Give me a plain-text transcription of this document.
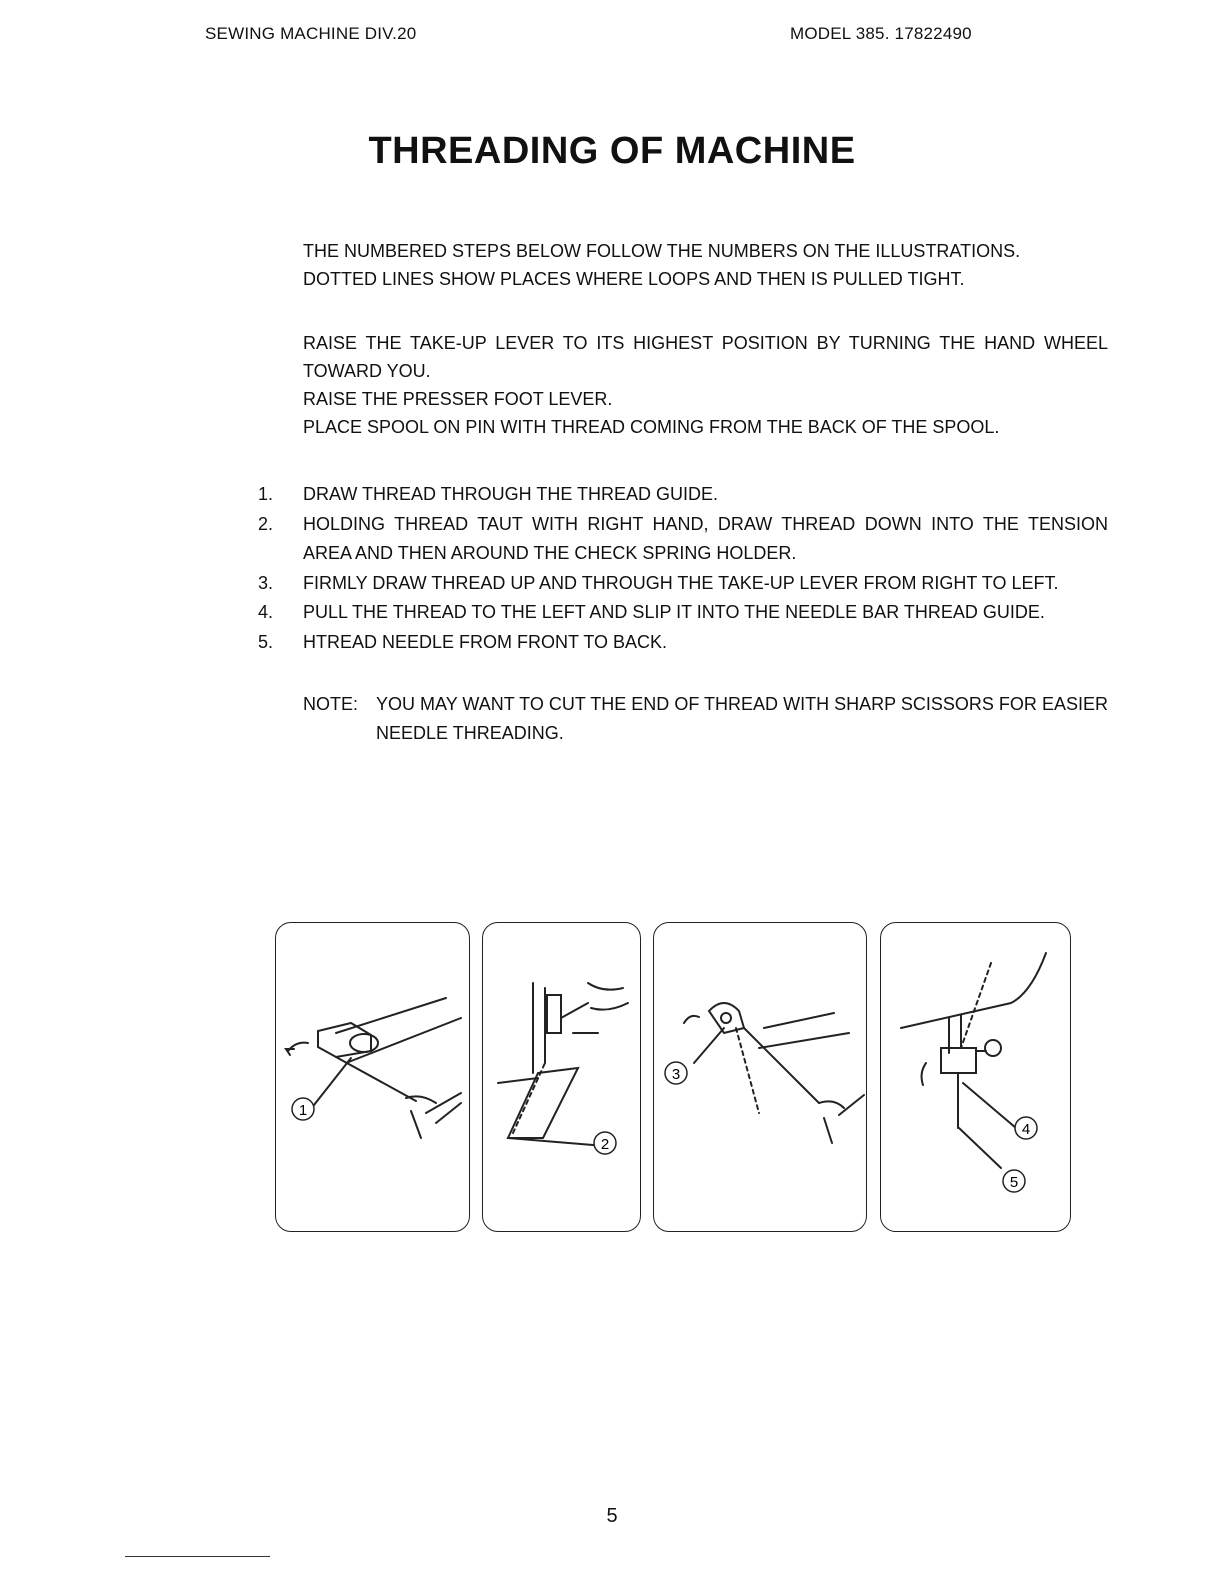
SEWING MACHINE DIV.20	MODEL 385. 17822490
THREADING OF MACHINE
THE NUMBERED STEPS BELOW FOLLOW THE NUMBERS ON THE ILLUSTRATIONS.
DOTTED LINES SHOW PLACES WHERE LOOPS AND THEN IS PULLED TIGHT.
RAISE THE TAKE-UP LEVER TO ITS HIGHEST POSITION BY TURNING THE HAND WHEEL TOWARD YOU.
RAISE THE PRESSER FOOT LEVER.
PLACE SPOOL ON PIN WITH THREAD COMING FROM THE BACK OF THE SPOOL.
1.	DRAW THREAD THROUGH THE THREAD GUIDE.
2.	HOLDING THREAD TAUT WITH RIGHT HAND, DRAW THREAD DOWN INTO THE TENSION AREA AND THEN AROUND THE CHECK SPRING HOLDER.
3.	FIRMLY DRAW THREAD UP AND THROUGH THE TAKE-UP LEVER FROM RIGHT TO LEFT.
4.	PULL THE THREAD TO THE LEFT AND SLIP IT INTO THE NEEDLE BAR THREAD GUIDE.
5.	HTREAD NEEDLE FROM FRONT TO BACK.
NOTE: YOU MAY WANT TO CUT THE END OF THREAD WITH SHARP SCISSORS FOR EASIER NEEDLE THREADING.
1
2
3
4
5
5
